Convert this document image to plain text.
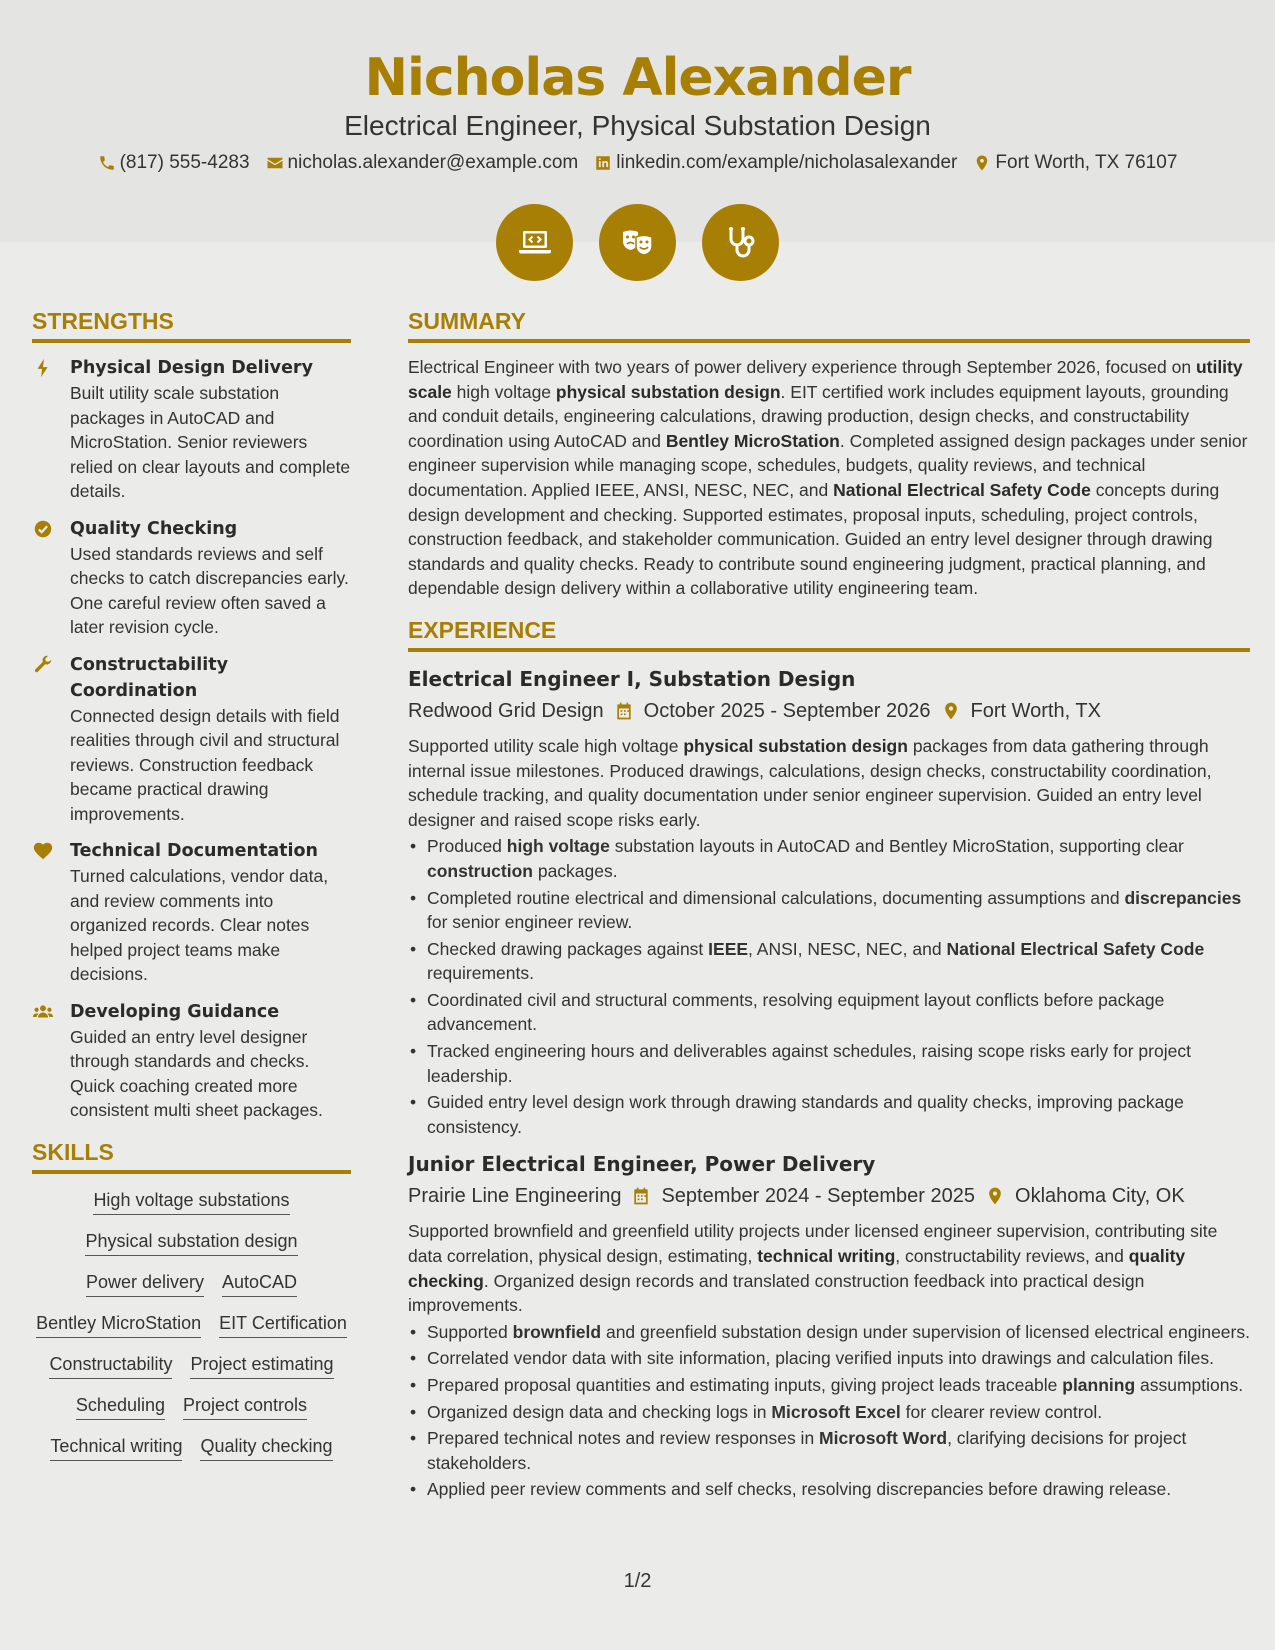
Nicholas Alexander
Electrical Engineer, Physical Substation Design
(817) 555-4283 nicholas.alexander@example.com linkedin.com/example/nicholasalexander Fort Worth, TX 76107
STRENGTHS
Physical Design Delivery
Built utility scale substation packages in AutoCAD and MicroStation. Senior reviewers relied on clear layouts and complete details.
Quality Checking
Used standards reviews and self checks to catch discrepancies early. One careful review often saved a later revision cycle.
Constructability Coordination
Connected design details with field realities through civil and structural reviews. Construction feedback became practical drawing improvements.
Technical Documentation
Turned calculations, vendor data, and review comments into organized records. Clear notes helped project teams make decisions.
Developing Guidance
Guided an entry level designer through standards and checks. Quick coaching created more consistent multi sheet packages.
SKILLS
High voltage substations
Physical substation design
Power delivery AutoCAD
Bentley MicroStation EIT Certification
Constructability Project estimating
Scheduling Project controls
Technical writing Quality checking
SUMMARY

Electrical Engineer with two years of power delivery experience through September 2026, focused on utility scale high voltage physical substation design. EIT certified work includes equipment layouts, grounding and conduit details, engineering calculations, drawing production, design checks, and constructability coordination using AutoCAD and Bentley MicroStation. Completed assigned design packages under senior engineer supervision while managing scope, schedules, budgets, quality reviews, and technical documentation. Applied IEEE, ANSI, NESC, NEC, and National Electrical Safety Code concepts during design development and checking. Supported estimates, proposal inputs, scheduling, project controls, construction feedback, and stakeholder communication. Guided an entry level designer through drawing standards and quality checks. Ready to contribute sound engineering judgment, practical planning, and dependable design delivery within a collaborative utility engineering team.

EXPERIENCE
Electrical Engineer I, Substation Design
Redwood Grid Design October 2025 - September 2026 Fort Worth, TX

Supported utility scale high voltage physical substation design packages from data gathering through internal issue milestones. Produced drawings, calculations, design checks, constructability coordination, schedule tracking, and quality documentation under senior engineer supervision. Guided an entry level designer and raised scope risks early.

• Produced high voltage substation layouts in AutoCAD and Bentley MicroStation, supporting clear construction packages.
• Completed routine electrical and dimensional calculations, documenting assumptions and discrepancies for senior engineer review.
• Checked drawing packages against IEEE, ANSI, NESC, NEC, and National Electrical Safety Code requirements.
• Coordinated civil and structural comments, resolving equipment layout conflicts before package advancement.
• Tracked engineering hours and deliverables against schedules, raising scope risks early for project leadership.
• Guided entry level design work through drawing standards and quality checks, improving package consistency.
Junior Electrical Engineer, Power Delivery
Prairie Line Engineering September 2024 - September 2025 Oklahoma City, OK

Supported brownfield and greenfield utility projects under licensed engineer supervision, contributing site data correlation, physical design, estimating, technical writing, constructability reviews, and quality checking. Organized design records and translated construction feedback into practical design improvements.

• Supported brownfield and greenfield substation design under supervision of licensed electrical engineers.
• Correlated vendor data with site information, placing verified inputs into drawings and calculation files.
• Prepared proposal quantities and estimating inputs, giving project leads traceable planning assumptions.
• Organized design data and checking logs in Microsoft Excel for clearer review control.
• Prepared technical notes and review responses in Microsoft Word, clarifying decisions for project stakeholders.
• Applied peer review comments and self checks, resolving discrepancies before drawing release.
1/2
